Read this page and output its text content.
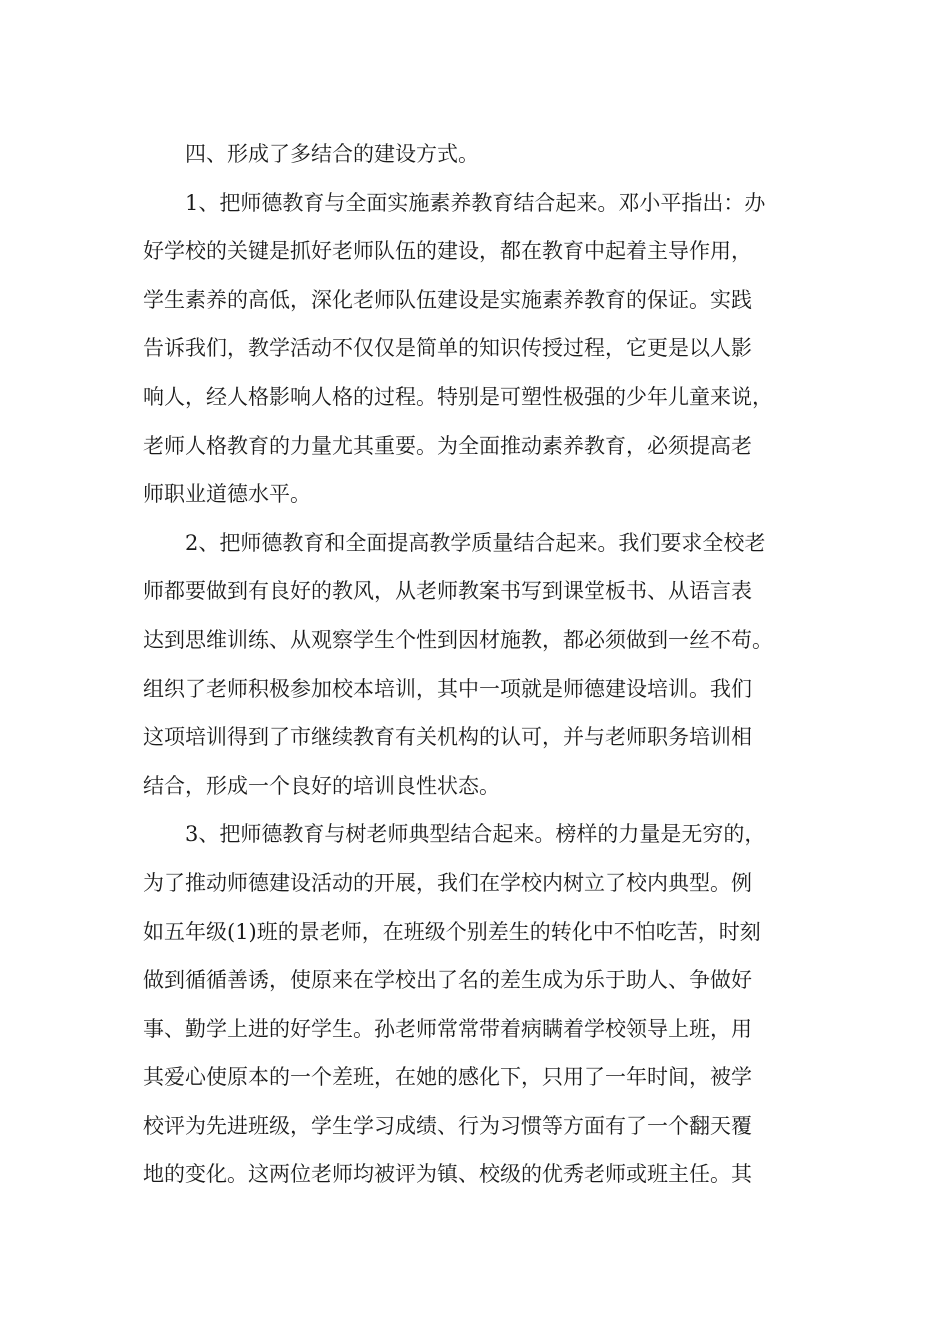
四、形成了多结合的建设方式。
1、把师德教育与全面实施素养教育结合起来。邓小平指出：办
好学校的关键是抓好老师队伍的建设，都在教育中起着主导作用，
学生素养的高低，深化老师队伍建设是实施素养教育的保证。实践
告诉我们，教学活动不仅仅是简单的知识传授过程，它更是以人影
响人，经人格影响人格的过程。特别是可塑性极强的少年儿童来说，
老师人格教育的力量尤其重要。为全面推动素养教育，必须提高老
师职业道德水平。
2、把师德教育和全面提高教学质量结合起来。我们要求全校老
师都要做到有良好的教风，从老师教案书写到课堂板书、从语言表
达到思维训练、从观察学生个性到因材施教，都必须做到一丝不苟。
组织了老师积极参加校本培训，其中一项就是师德建设培训。我们
这项培训得到了市继续教育有关机构的认可，并与老师职务培训相
结合，形成一个良好的培训良性状态。
3、把师德教育与树老师典型结合起来。榜样的力量是无穷的，
为了推动师德建设活动的开展，我们在学校内树立了校内典型。例
如五年级(1)班的景老师，在班级个别差生的转化中不怕吃苦，时刻
做到循循善诱，使原来在学校出了名的差生成为乐于助人、争做好
事、勤学上进的好学生。孙老师常常带着病瞒着学校领导上班，用
其爱心使原本的一个差班，在她的感化下，只用了一年时间，被学
校评为先进班级，学生学习成绩、行为习惯等方面有了一个翻天覆
地的变化。这两位老师均被评为镇、校级的优秀老师或班主任。其
